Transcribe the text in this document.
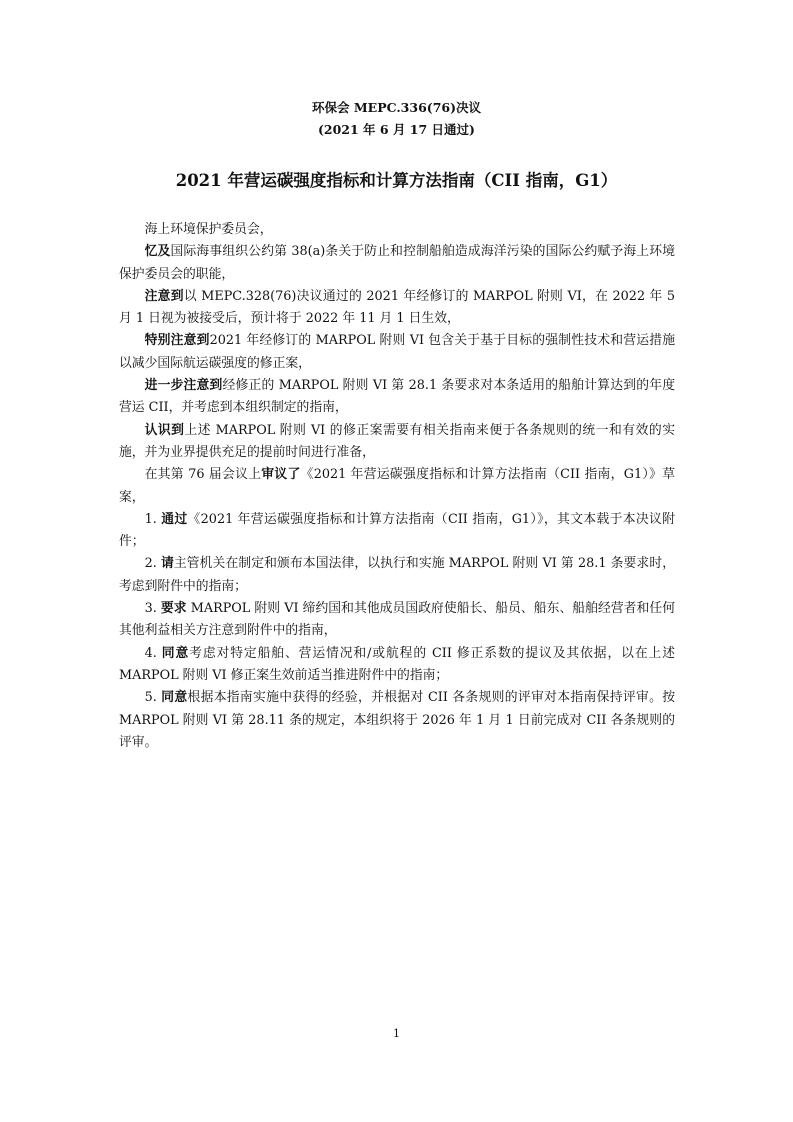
环保会 MEPC.336(76)决议
(2021 年 6 月 17 日通过)
2021 年营运碳强度指标和计算方法指南（CII 指南，G1）

海上环境保护委员会，

忆及国际海事组织公约第 38(a)条关于防止和控制船舶造成海洋污染的国际公约赋予海上环境保护委员会的职能，

注意到以 MEPC.328(76)决议通过的 2021 年经修订的 MARPOL 附则 VI，在 2022 年 5 月 1 日视为被接受后，预计将于 2022 年 11 月 1 日生效，

特别注意到2021 年经修订的 MARPOL 附则 VI 包含关于基于目标的强制性技术和营运措施以减少国际航运碳强度的修正案，

进一步注意到经修正的 MARPOL 附则 VI 第 28.1 条要求对本条适用的船舶计算达到的年度营运 CII，并考虑到本组织制定的指南，

认识到上述 MARPOL 附则 VI 的修正案需要有相关指南来便于各条规则的统一和有效的实施，并为业界提供充足的提前时间进行准备，

在其第 76 届会议上审议了《2021 年营运碳强度指标和计算方法指南（CII 指南，G1）》草案，

1. 通过《2021 年营运碳强度指标和计算方法指南（CII 指南，G1）》，其文本载于本决议附件；

2. 请主管机关在制定和颁布本国法律，以执行和实施 MARPOL 附则 VI 第 28.1 条要求时，考虑到附件中的指南；

3. 要求 MARPOL 附则 VI 缔约国和其他成员国政府使船长、船员、船东、船舶经营者和任何其他利益相关方注意到附件中的指南，

4. 同意考虑对特定船舶、营运情况和/或航程的 CII 修正系数的提议及其依据，以在上述 MARPOL 附则 VI 修正案生效前适当推进附件中的指南；

5. 同意根据本指南实施中获得的经验，并根据对 CII 各条规则的评审对本指南保持评审。按 MARPOL 附则 VI 第 28.11 条的规定，本组织将于 2026 年 1 月 1 日前完成对 CII 各条规则的评审。

1
